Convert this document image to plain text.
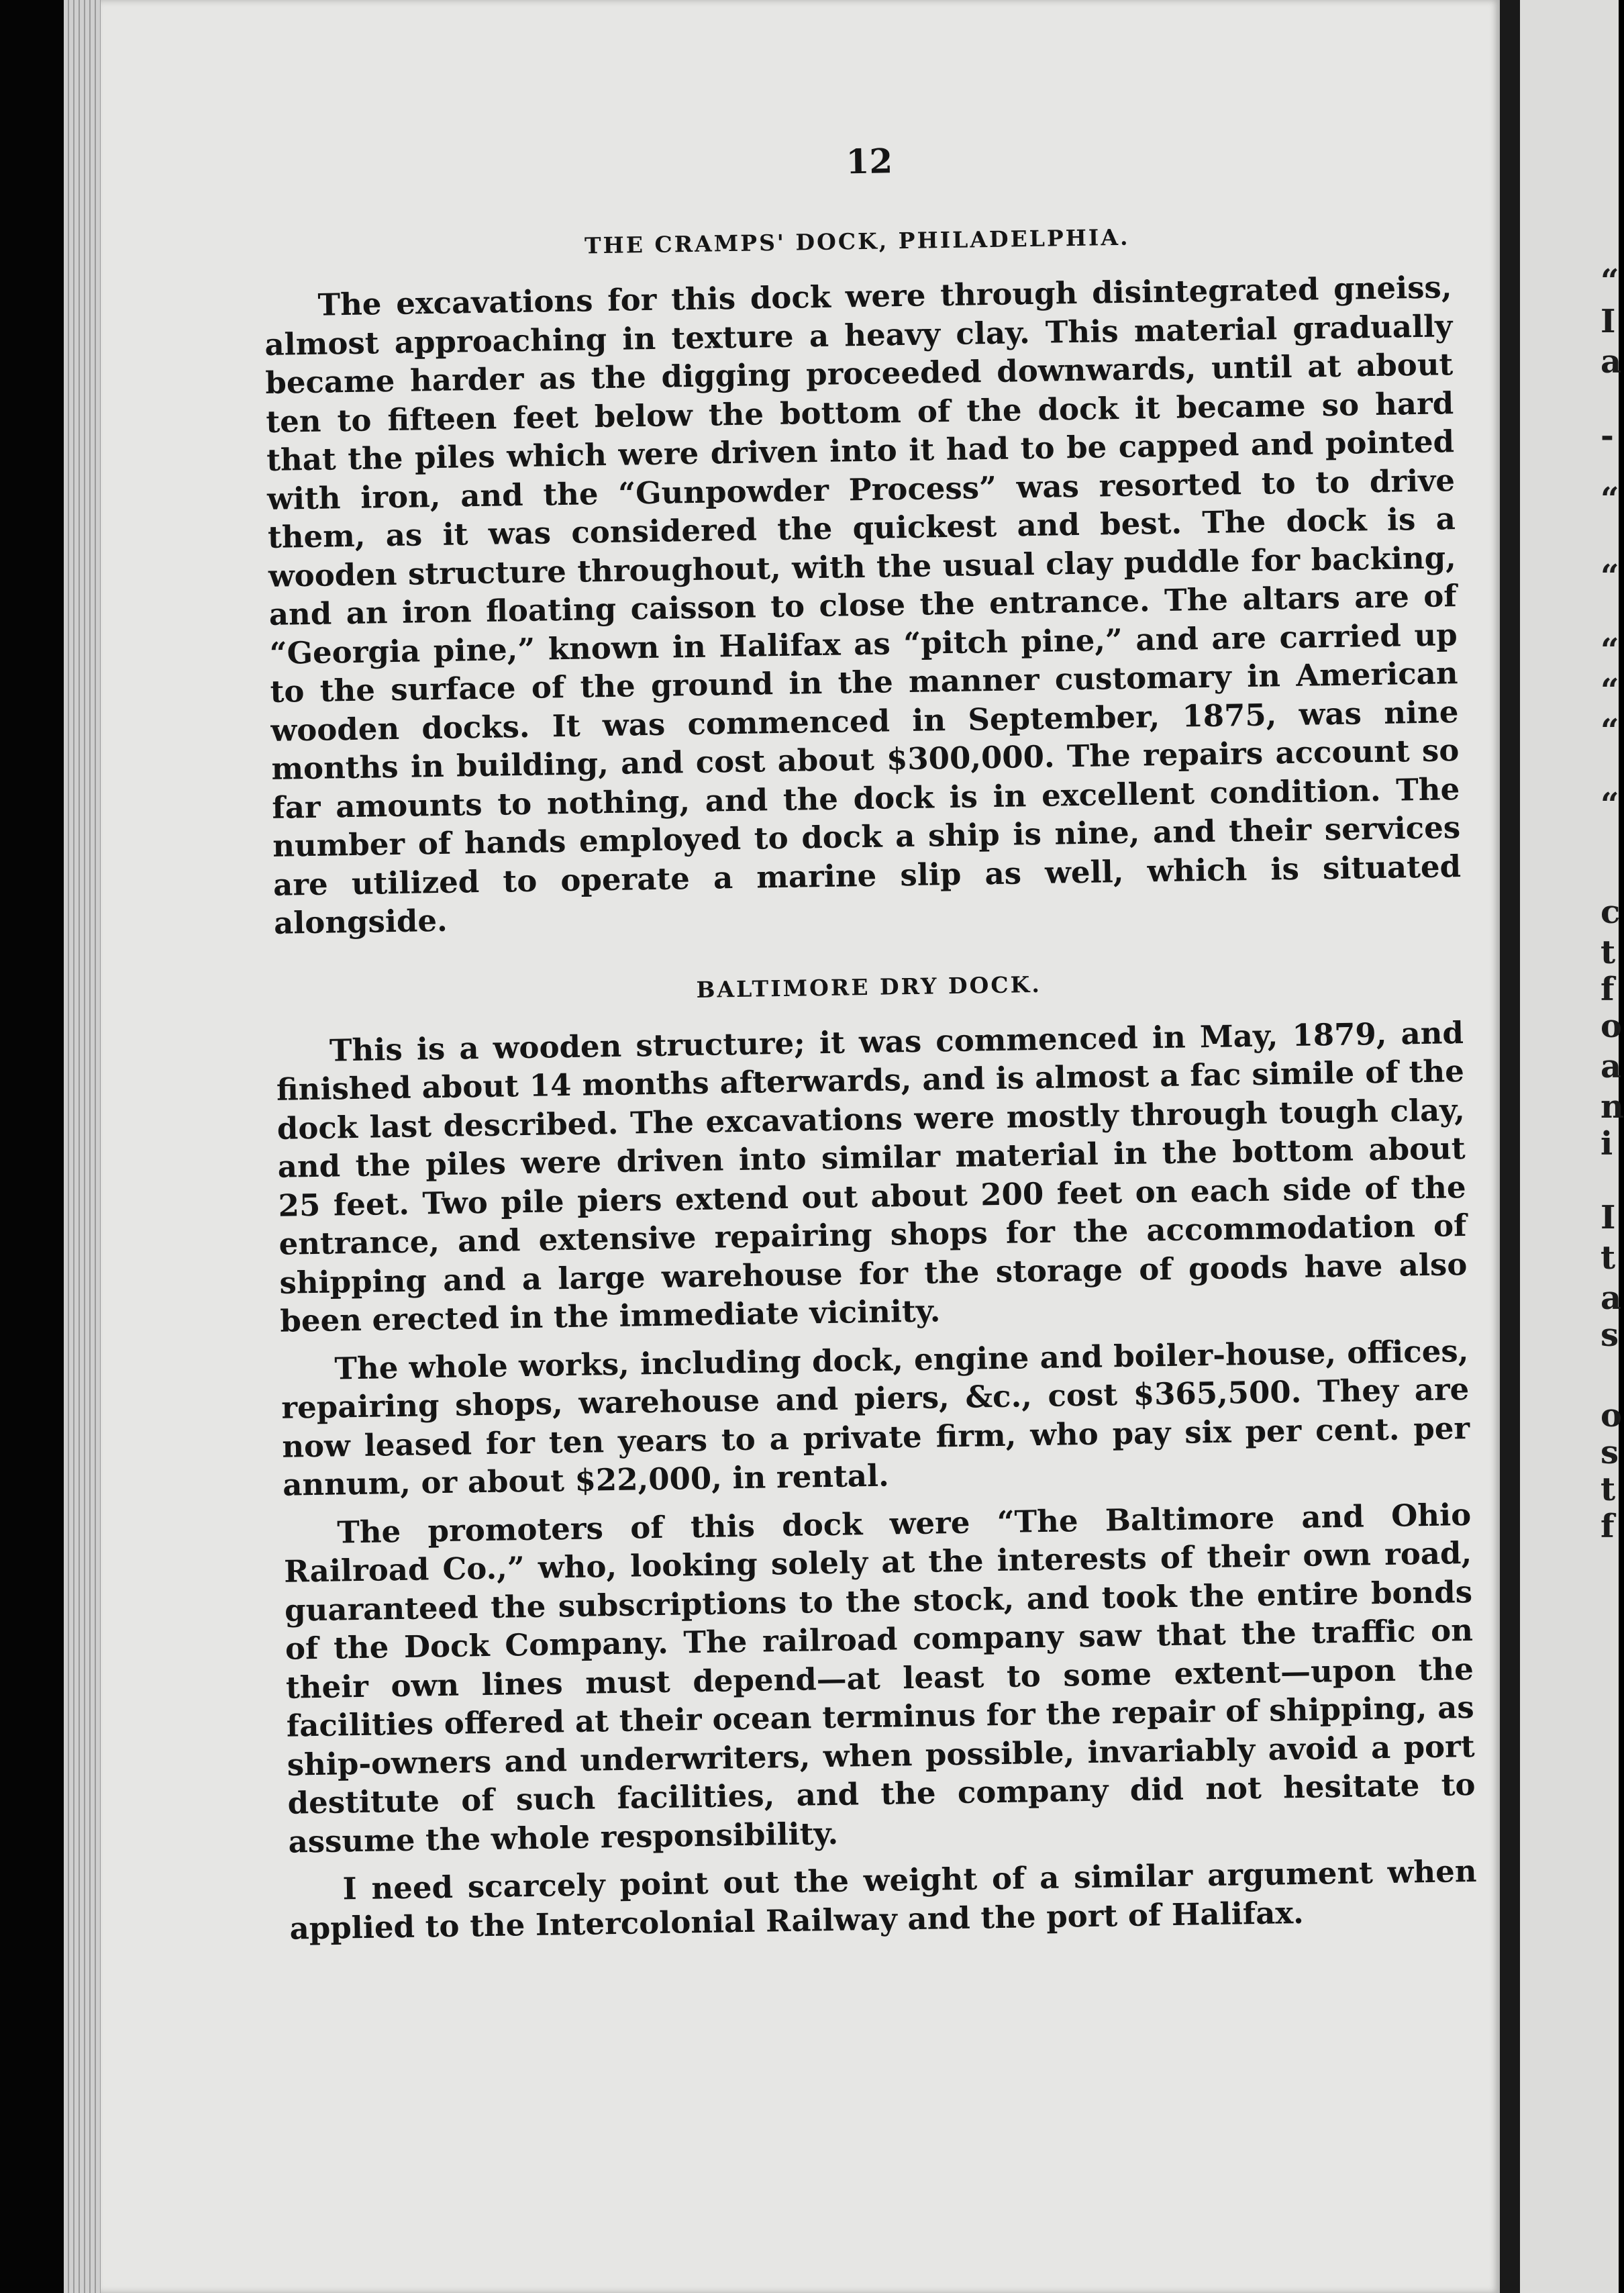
“
I
a
-
“
“
“
“
“
“
c
t
f
o
a
n
i
I
t
a
s
o
s
t
f
12
THE CRAMPS' DOCK, PHILADELPHIA.

The excavations for this dock were through disintegrated gneiss, almost approaching in texture a heavy clay. This material gradually became harder as the digging proceeded downwards, until at about ten to fifteen feet below the bottom of the dock it became so hard that the piles which were driven into it had to be capped and pointed with iron, and the “Gunpowder Process” was resorted to to drive them, as it was considered the quickest and best. The dock is a wooden structure throughout, with the usual clay puddle for backing, and an iron floating caisson to close the entrance. The altars are of “Georgia pine,” known in Halifax as “pitch pine,” and are carried up to the surface of the ground in the manner customary in American wooden docks. It was commenced in September, 1875, was nine months in building, and cost about $300,000. The repairs account so far amounts to nothing, and the dock is in excellent condition. The number of hands employed to dock a ship is nine, and their services are utilized to operate a marine slip as well, which is situated alongside.

BALTIMORE DRY DOCK.

This is a wooden structure; it was commenced in May, 1879, and finished about 14 months afterwards, and is almost a fac simile of the dock last described. The excavations were mostly through tough clay, and the piles were driven into similar material in the bottom about 25 feet. Two pile piers extend out about 200 feet on each side of the entrance, and extensive repairing shops for the accommodation of shipping and a large warehouse for the storage of goods have also been erected in the immediate vicinity.

The whole works, including dock, engine and boiler-house, offices, repairing shops, warehouse and piers, &c., cost $365,500. They are now leased for ten years to a private firm, who pay six per cent. per annum, or about $22,000, in rental.

The promoters of this dock were “The Baltimore and Ohio Railroad Co.,” who, looking solely at the interests of their own road, guaranteed the subscriptions to the stock, and took the entire bonds of the Dock Company. The railroad company saw that the traffic on their own lines must depend—at least to some extent—upon the facilities offered at their ocean terminus for the repair of shipping, as ship-owners and underwriters, when possible, invariably avoid a port destitute of such facilities, and the company did not hesitate to assume the whole responsibility.

I need scarcely point out the weight of a similar argument when applied to the Intercolonial Railway and the port of Halifax.
